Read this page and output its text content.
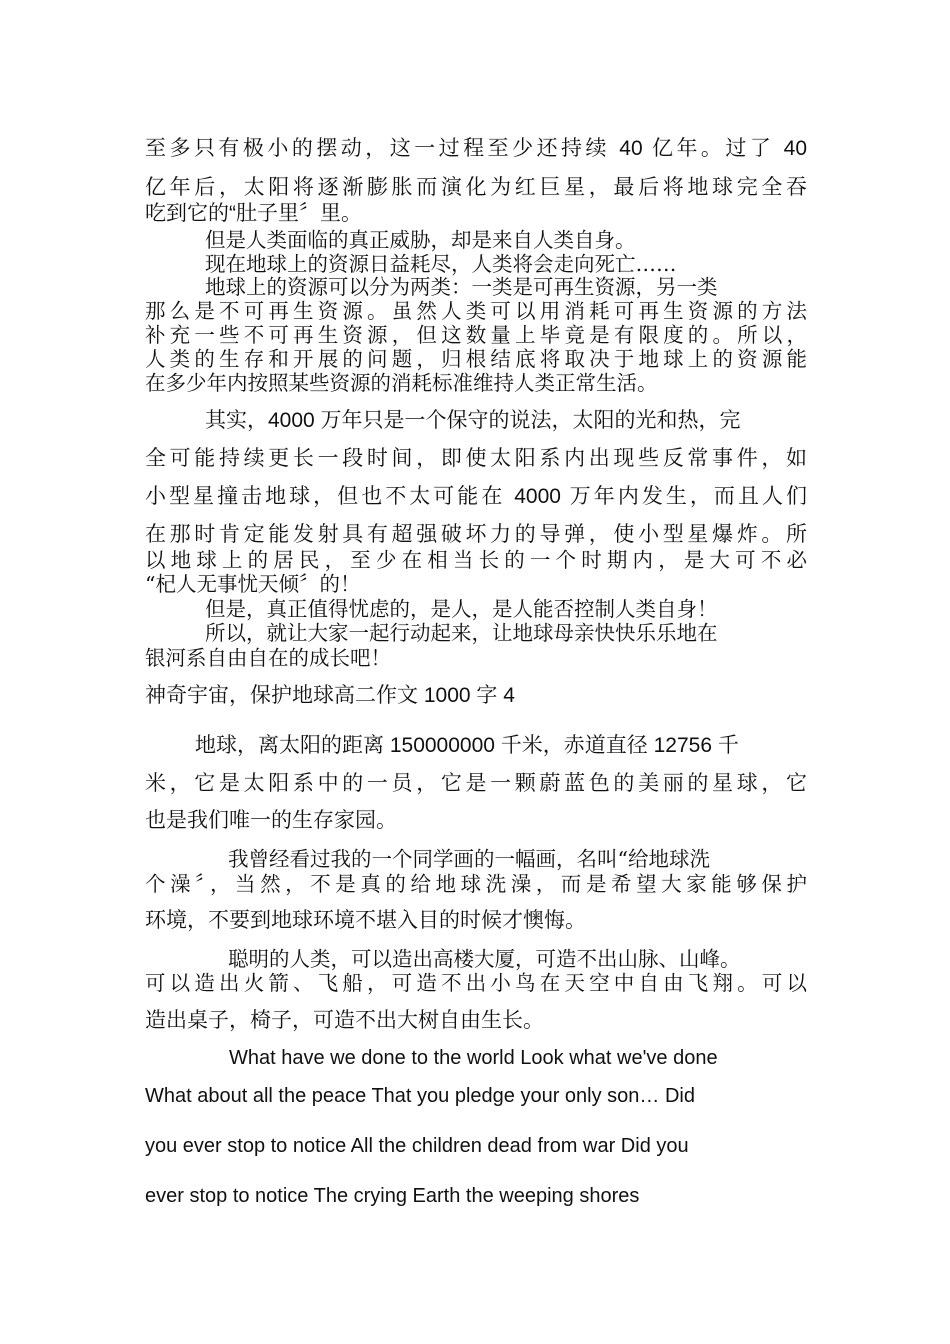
至多只有极小的摆动，这一过程至少还持续 40 亿年。过了 40
亿年后，太阳将逐渐膨胀而演化为红巨星，最后将地球完全吞
吃到它的“肚子里〞里。
但是人类面临的真正威胁，却是来自人类自身。
现在地球上的资源日益耗尽，人类将会走向死亡……
地球上的资源可以分为两类：一类是可再生资源，另一类
那么是不可再生资源。虽然人类可以用消耗可再生资源的方法
补充一些不可再生资源，但这数量上毕竟是有限度的。所以，
人类的生存和开展的问题，归根结底将取决于地球上的资源能
在多少年内按照某些资源的消耗标准维持人类正常生活。
其实，4000 万年只是一个保守的说法，太阳的光和热，完
全可能持续更长一段时间，即使太阳系内出现些反常事件，如
小型星撞击地球，但也不太可能在 4000 万年内发生，而且人们
在那时肯定能发射具有超强破坏力的导弹，使小型星爆炸。所
以地球上的居民，至少在相当长的一个时期内，是大可不必
“杞人无事忧天倾〞的！
但是，真正值得忧虑的，是人，是人能否控制人类自身！
所以，就让大家一起行动起来，让地球母亲快快乐乐地在
银河系自由自在的成长吧！
神奇宇宙，保护地球高二作文 1000 字 4
地球，离太阳的距离 150000000 千米，赤道直径 12756 千
米，它是太阳系中的一员，它是一颗蔚蓝色的美丽的星球，它
也是我们唯一的生存家园。
我曾经看过我的一个同学画的一幅画，名叫“给地球洗
个澡〞，当然，不是真的给地球洗澡，而是希望大家能够保护
环境，不要到地球环境不堪入目的时候才懊悔。
聪明的人类，可以造出高楼大厦，可造不出山脉、山峰。
可以造出火箭、飞船，可造不出小鸟在天空中自由飞翔。可以
造出桌子，椅子，可造不出大树自由生长。
What have we done to the world Look what we've done
What about all the peace That you pledge your only son… Did
you ever stop to notice All the children dead from war Did you
ever stop to notice The crying Earth the weeping shores
